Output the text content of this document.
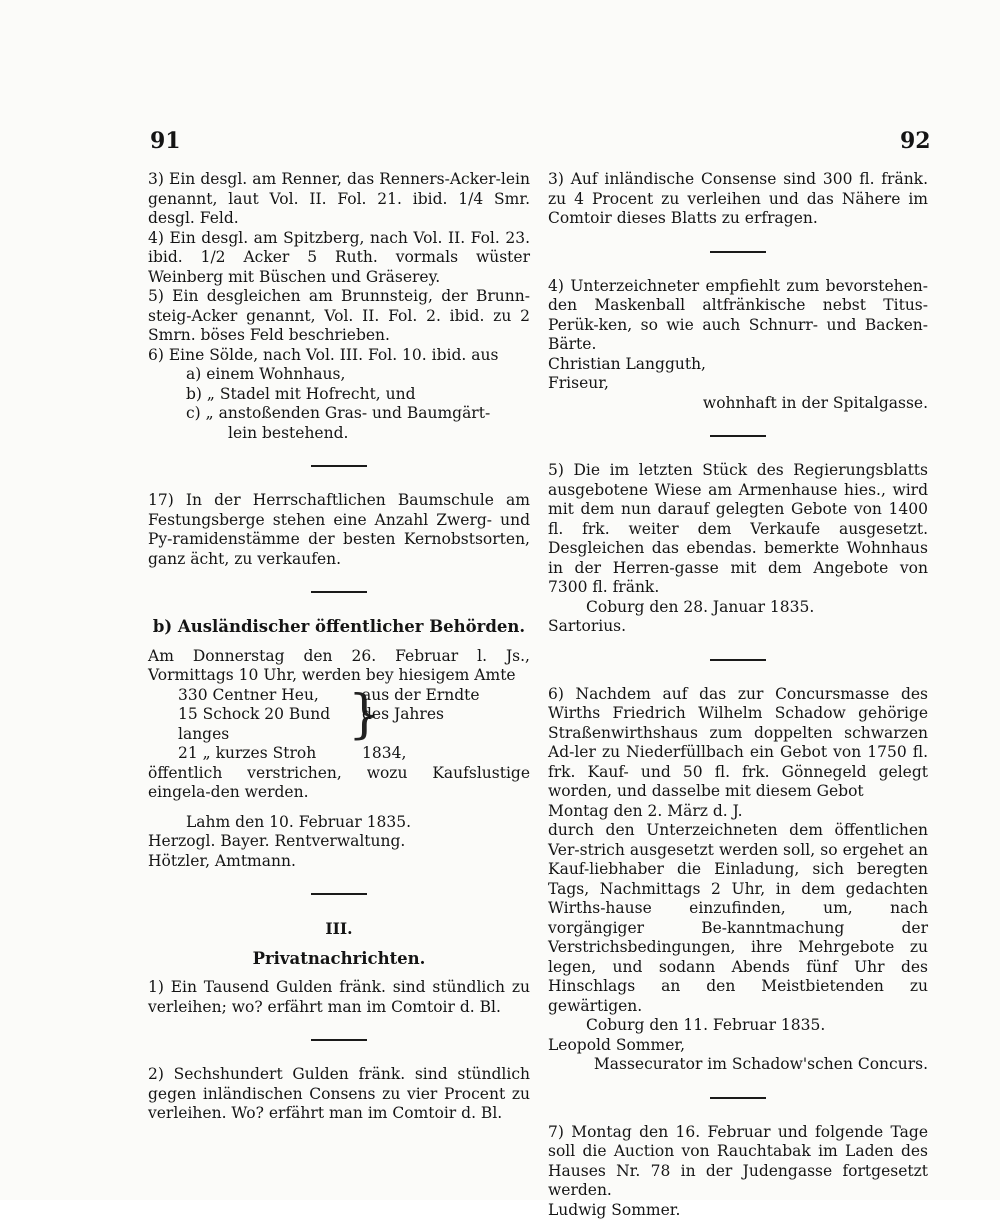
91	92

3) Ein desgl. am Renner, das Renners-Acker-lein genannt, laut Vol. II. Fol. 21. ibid. 1/4 Smr. desgl. Feld.

4) Ein desgl. am Spitzberg, nach Vol. II. Fol. 23. ibid. 1/2 Acker 5 Ruth. vormals wüster Weinberg mit Büschen und Gräserey.

5) Ein desgleichen am Brunnsteig, der Brunn-steig-Acker genannt, Vol. II. Fol. 2. ibid. zu 2 Smrn. böses Feld beschrieben.

6) Eine Sölde, nach Vol. III. Fol. 10. ibid. aus

a) einem Wohnhaus,

b) „ Stadel mit Hofrecht, und

c) „ anstoßenden Gras- und Baumgärt-

lein bestehend.

17) In der Herrschaftlichen Baumschule am Festungsberge stehen eine Anzahl Zwerg- und Py-ramidenstämme der besten Kernobstsorten, ganz ächt, zu verkaufen.

b) Ausländischer öffentlicher Behörden.

Am Donnerstag den 26. Februar l. Js., Vormittags 10 Uhr, werden bey hiesigem Amte

330 Centner Heu, }
aus der Erndte
15 Schock 20 Bund langes
des Jahres
21 „ kurzes Stroh	1834,

öffentlich verstrichen, wozu Kaufslustige eingela-den werden.

Lahm den 10. Februar 1835.

Herzogl. Bayer. Rentverwaltung.

Hötzler, Amtmann.

III.

Privatnachrichten.

1) Ein Tausend Gulden fränk. sind stündlich zu verleihen; wo? erfährt man im Comtoir d. Bl.

2) Sechshundert Gulden fränk. sind stündlich gegen inländischen Consens zu vier Procent zu verleihen. Wo? erfährt man im Comtoir d. Bl.

3) Auf inländische Consense sind 300 fl. fränk. zu 4 Procent zu verleihen und das Nähere im Comtoir dieses Blatts zu erfragen.

4) Unterzeichneter empfiehlt zum bevorstehen-den Maskenball altfränkische nebst Titus-Perük-ken, so wie auch Schnurr- und Backen-Bärte.

Christian Langguth,

Friseur,

wohnhaft in der Spitalgasse.

5) Die im letzten Stück des Regierungsblatts ausgebotene Wiese am Armenhause hies., wird mit dem nun darauf gelegten Gebote von 1400 fl. frk. weiter dem Verkaufe ausgesetzt. Desgleichen das ebendas. bemerkte Wohnhaus in der Herren-gasse mit dem Angebote von 7300 fl. fränk.

Coburg den 28. Januar 1835.

Sartorius.

6) Nachdem auf das zur Concursmasse des Wirths Friedrich Wilhelm Schadow gehörige Straßenwirthshaus zum doppelten schwarzen Ad-ler zu Niederfüllbach ein Gebot von 1750 fl. frk. Kauf- und 50 fl. frk. Gönnegeld gelegt worden, und dasselbe mit diesem Gebot

Montag den 2. März d. J.

durch den Unterzeichneten dem öffentlichen Ver-strich ausgesetzt werden soll, so ergehet an Kauf-liebhaber die Einladung, sich beregten Tags, Nachmittags 2 Uhr, in dem gedachten Wirths-hause einzufinden, um, nach vorgängiger Be-kanntmachung der Verstrichsbedingungen, ihre Mehrgebote zu legen, und sodann Abends fünf Uhr des Hinschlags an den Meistbietenden zu gewärtigen.

Coburg den 11. Februar 1835.

Leopold Sommer,

Massecurator im Schadow'schen Concurs.

7) Montag den 16. Februar und folgende Tage soll die Auction von Rauchtabak im Laden des Hauses Nr. 78 in der Judengasse fortgesetzt werden.

Ludwig Sommer.
